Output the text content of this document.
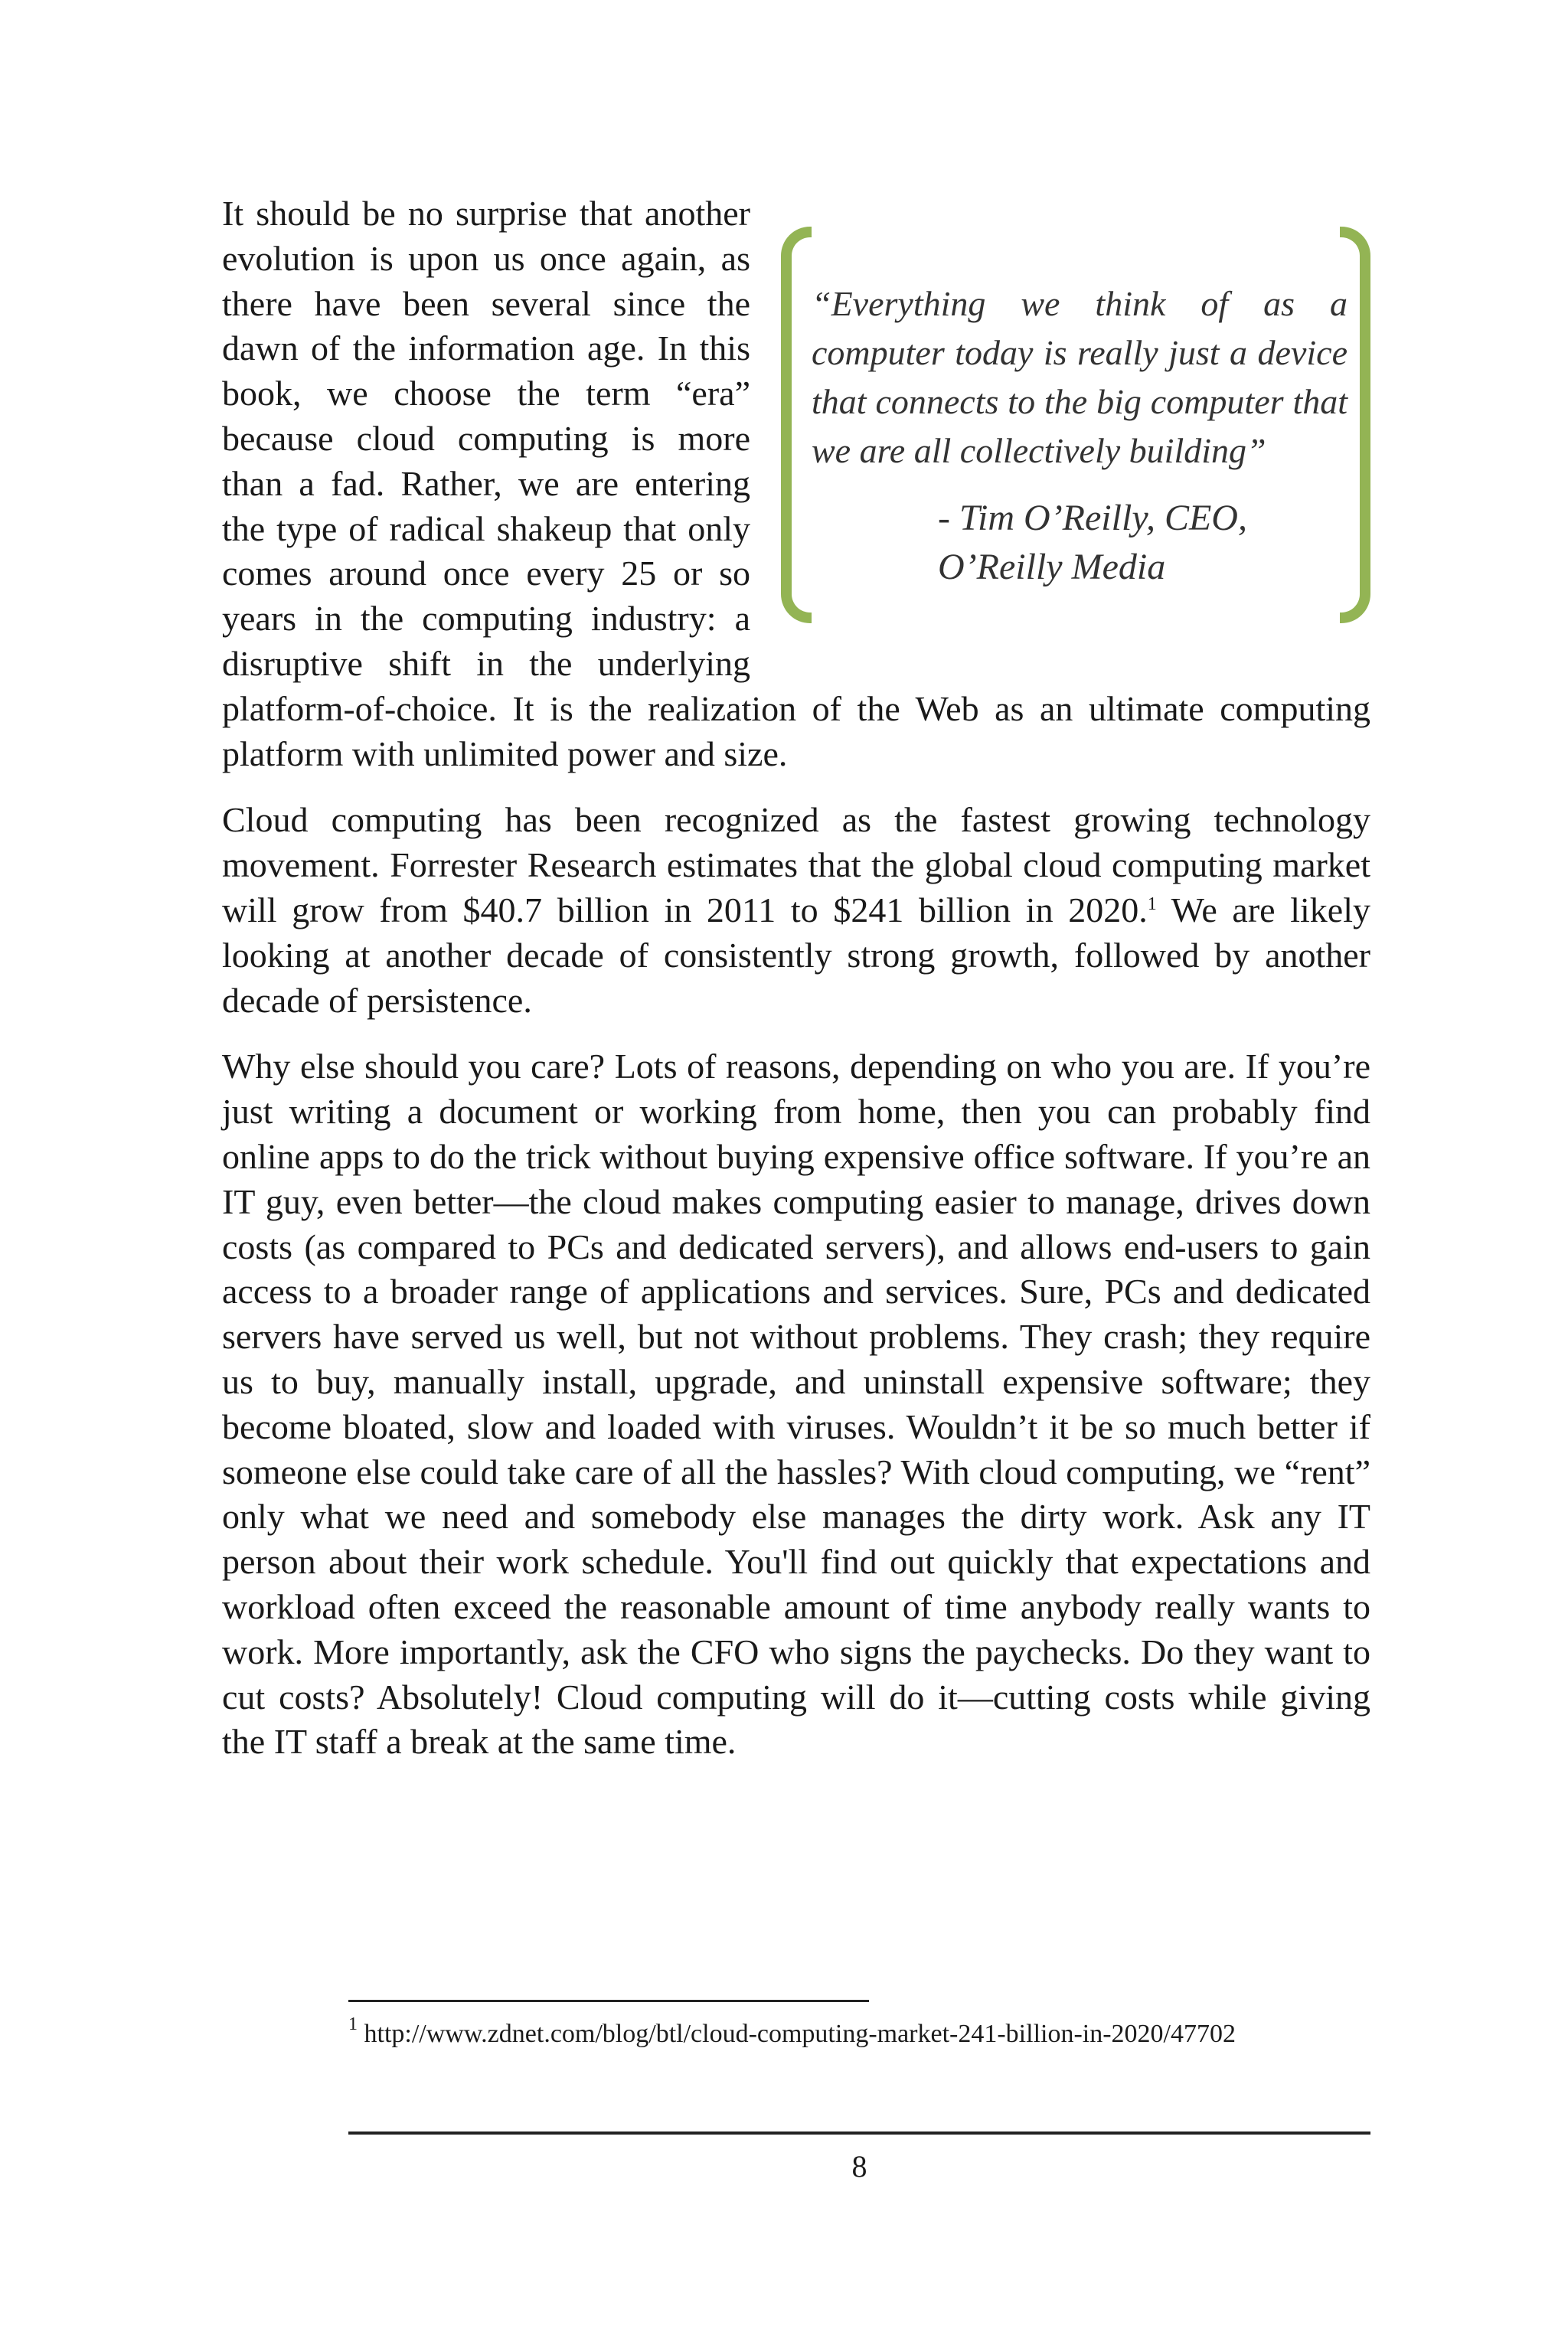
“Everything we think of as a computer today is really just a device that connects to the big computer that we are all collectively building”
- Tim O’Reilly, CEO,
O’Reilly Media

It should be no surprise that another evolution is upon us once again, as there have been several since the dawn of the information age. In this book, we choose the term “era” because cloud computing is more than a fad. Rather, we are entering the type of radical shakeup that only comes around once every 25 or so years in the computing industry: a disruptive shift in the underlying platform-of-choice. It is the realization of the Web as an ultimate computing platform with unlimited power and size.

Cloud computing has been recognized as the fastest growing technology movement. Forrester Research estimates that the global cloud computing market will grow from $40.7 billion in 2011 to $241 billion in 2020.$^1$ We are likely looking at another decade of consistently strong growth, followed by another decade of persistence.

Why else should you care? Lots of reasons, depending on who you are. If you’re just writing a document or working from home, then you can probably find online apps to do the trick without buying expensive office software. If you’re an IT guy, even better—the cloud makes computing easier to manage, drives down costs (as compared to PCs and dedicated servers), and allows end-users to gain access to a broader range of applications and services. Sure, PCs and dedicated servers have served us well, but not without problems. They crash; they require us to buy, manually install, upgrade, and uninstall expensive software; they become bloated, slow and loaded with viruses. Wouldn’t it be so much better if someone else could take care of all the hassles? With cloud computing, we “rent” only what we need and somebody else manages the dirty work. Ask any IT person about their work schedule. You'll find out quickly that expectations and workload often exceed the reasonable amount of time anybody really wants to work. More importantly, ask the CFO who signs the paychecks. Do they want to cut costs? Absolutely! Cloud computing will do it—cutting costs while giving the IT staff a break at the same time.

$^1$ http://www.zdnet.com/blog/btl/cloud-computing-market-241-billion-in-2020/47702
8
